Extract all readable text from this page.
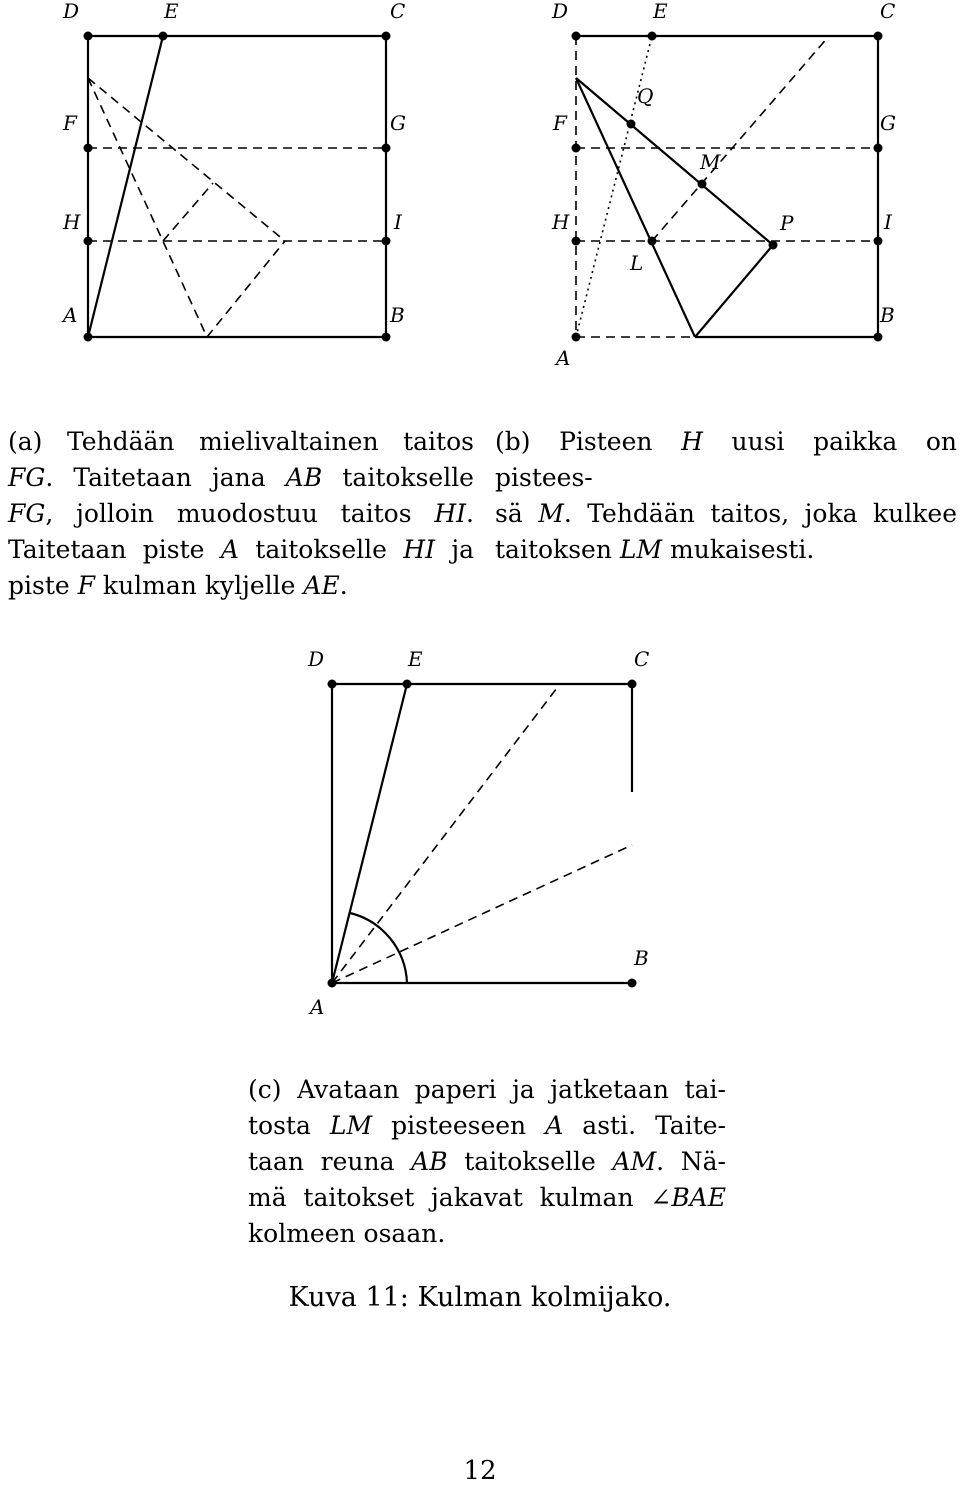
D	E	C
F	G
H	I
A	B
D	E	C
F
Q
G
M
H	P	I
L
B
A
(a) Tehdään mielivaltainen taitos
FG. Taitetaan jana AB taitokselle
FG, jolloin muodostuu taitos HI.
Taitetaan piste A taitokselle HI ja
piste F kulman kyljelle AE.
(b) Pisteen H uusi paikka on pistees-
sä M. Tehdään taitos, joka kulkee
taitoksen LM mukaisesti.
D	E	C
B
A
(c) Avataan paperi ja jatketaan tai-
tosta LM pisteeseen A asti. Taite-
taan reuna AB taitokselle AM. Nä-
mä taitokset jakavat kulman ∠BAE
kolmeen osaan.
Kuva 11: Kulman kolmijako.
12
